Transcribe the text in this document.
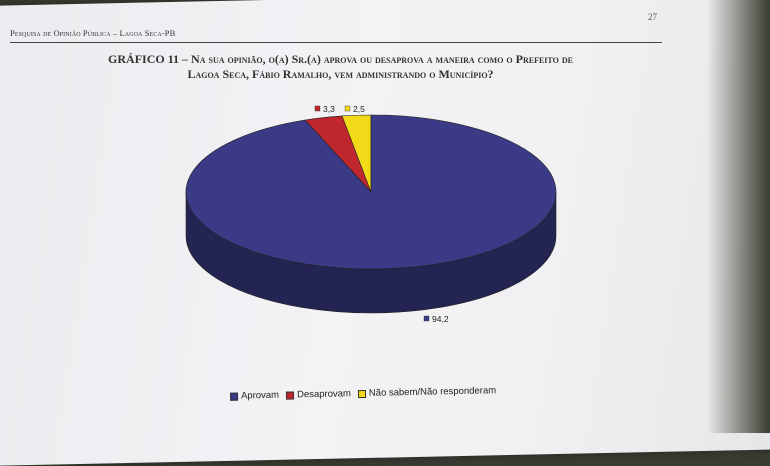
27
Pesquisa de Opinião Pública – Lagoa Seca-PB
GRÁFICO 11 – Na sua opinião, o(a) Sr.(a) aprova ou desaprova a maneira como o Prefeito de
Lagoa Seca, Fábio Ramalho, vem administrando o Município?
3,3 2,5
94,2
Aprovam Desaprovam Não sabem/Não responderam
